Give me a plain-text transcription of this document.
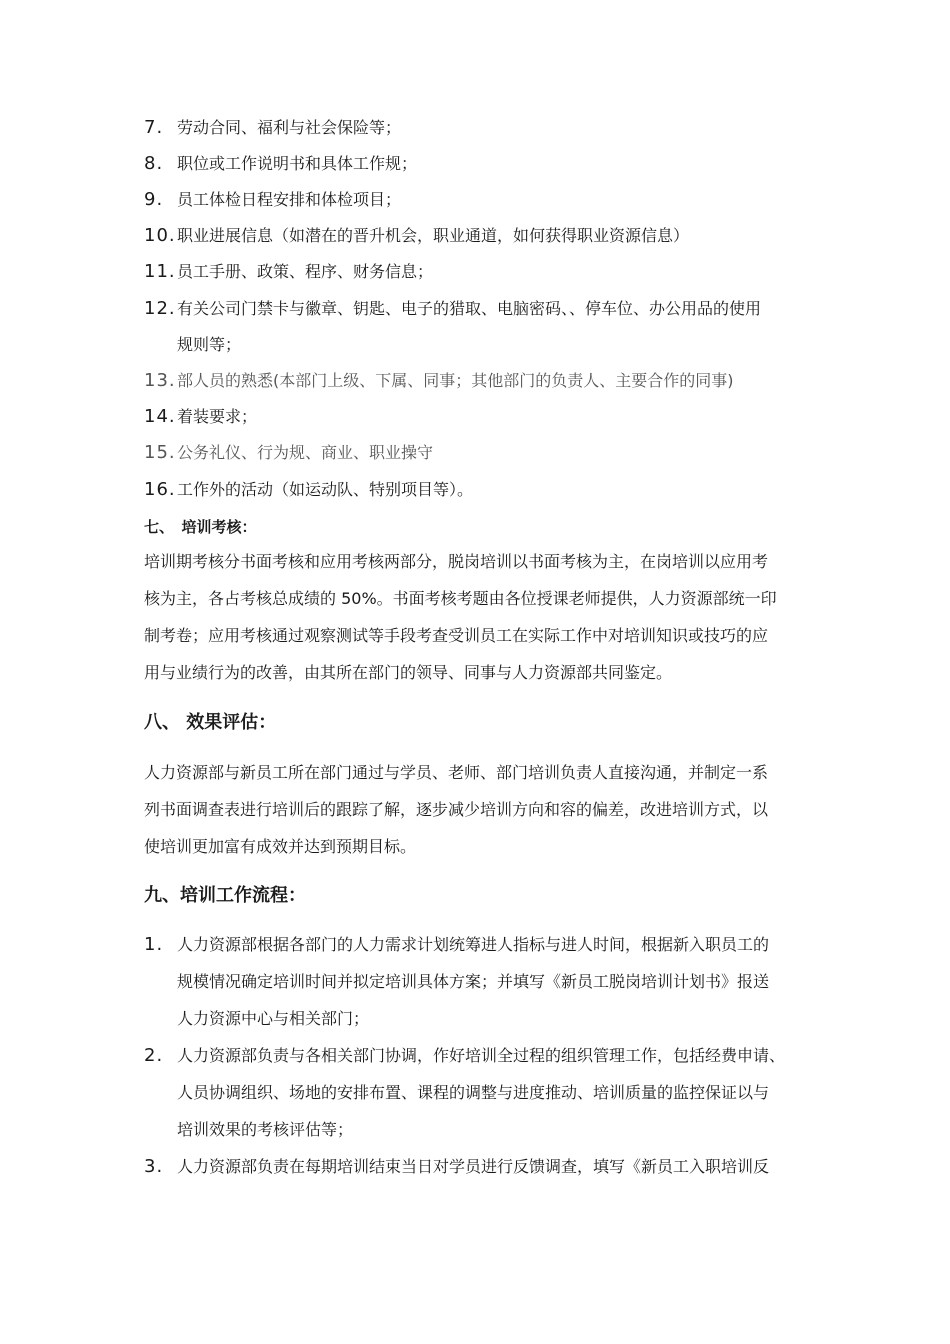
7. 劳动合同、福利与社会保险等；
8. 职位或工作说明书和具体工作规；
9. 员工体检日程安排和体检项目；
10. 职业进展信息（如潜在的晋升机会，职业通道，如何获得职业资源信息）
11. 员工手册、政策、程序、财务信息；
12. 有关公司门禁卡与徽章、钥匙、电子的猎取、电脑密码、、停车位、办公用品的使用
规则等；
13. 部人员的熟悉(本部门上级、下属、同事；其他部门的负责人、主要合作的同事)
14. 着装要求；
15. 公务礼仪、行为规、商业、职业操守
16. 工作外的活动（如运动队、特别项目等）。
七、　培训考核：
培训期考核分书面考核和应用考核两部分，脱岗培训以书面考核为主，在岗培训以应用考
核为主，各占考核总成绩的 50%。书面考核考题由各位授课老师提供，人力资源部统一印
制考卷；应用考核通过观察测试等手段考查受训员工在实际工作中对培训知识或技巧的应
用与业绩行为的改善，由其所在部门的领导、同事与人力资源部共同鉴定。
八、 效果评估：
人力资源部与新员工所在部门通过与学员、老师、部门培训负责人直接沟通，并制定一系
列书面调查表进行培训后的跟踪了解，逐步减少培训方向和容的偏差，改进培训方式，以
使培训更加富有成效并达到预期目标。
九、培训工作流程：
1. 人力资源部根据各部门的人力需求计划统筹进人指标与进人时间，根据新入职员工的
规模情况确定培训时间并拟定培训具体方案；并填写《新员工脱岗培训计划书》报送
人力资源中心与相关部门；
2. 人力资源部负责与各相关部门协调，作好培训全过程的组织管理工作，包括经费申请、
人员协调组织、场地的安排布置、课程的调整与进度推动、培训质量的监控保证以与
培训效果的考核评估等；
3. 人力资源部负责在每期培训结束当日对学员进行反馈调查，填写《新员工入职培训反
